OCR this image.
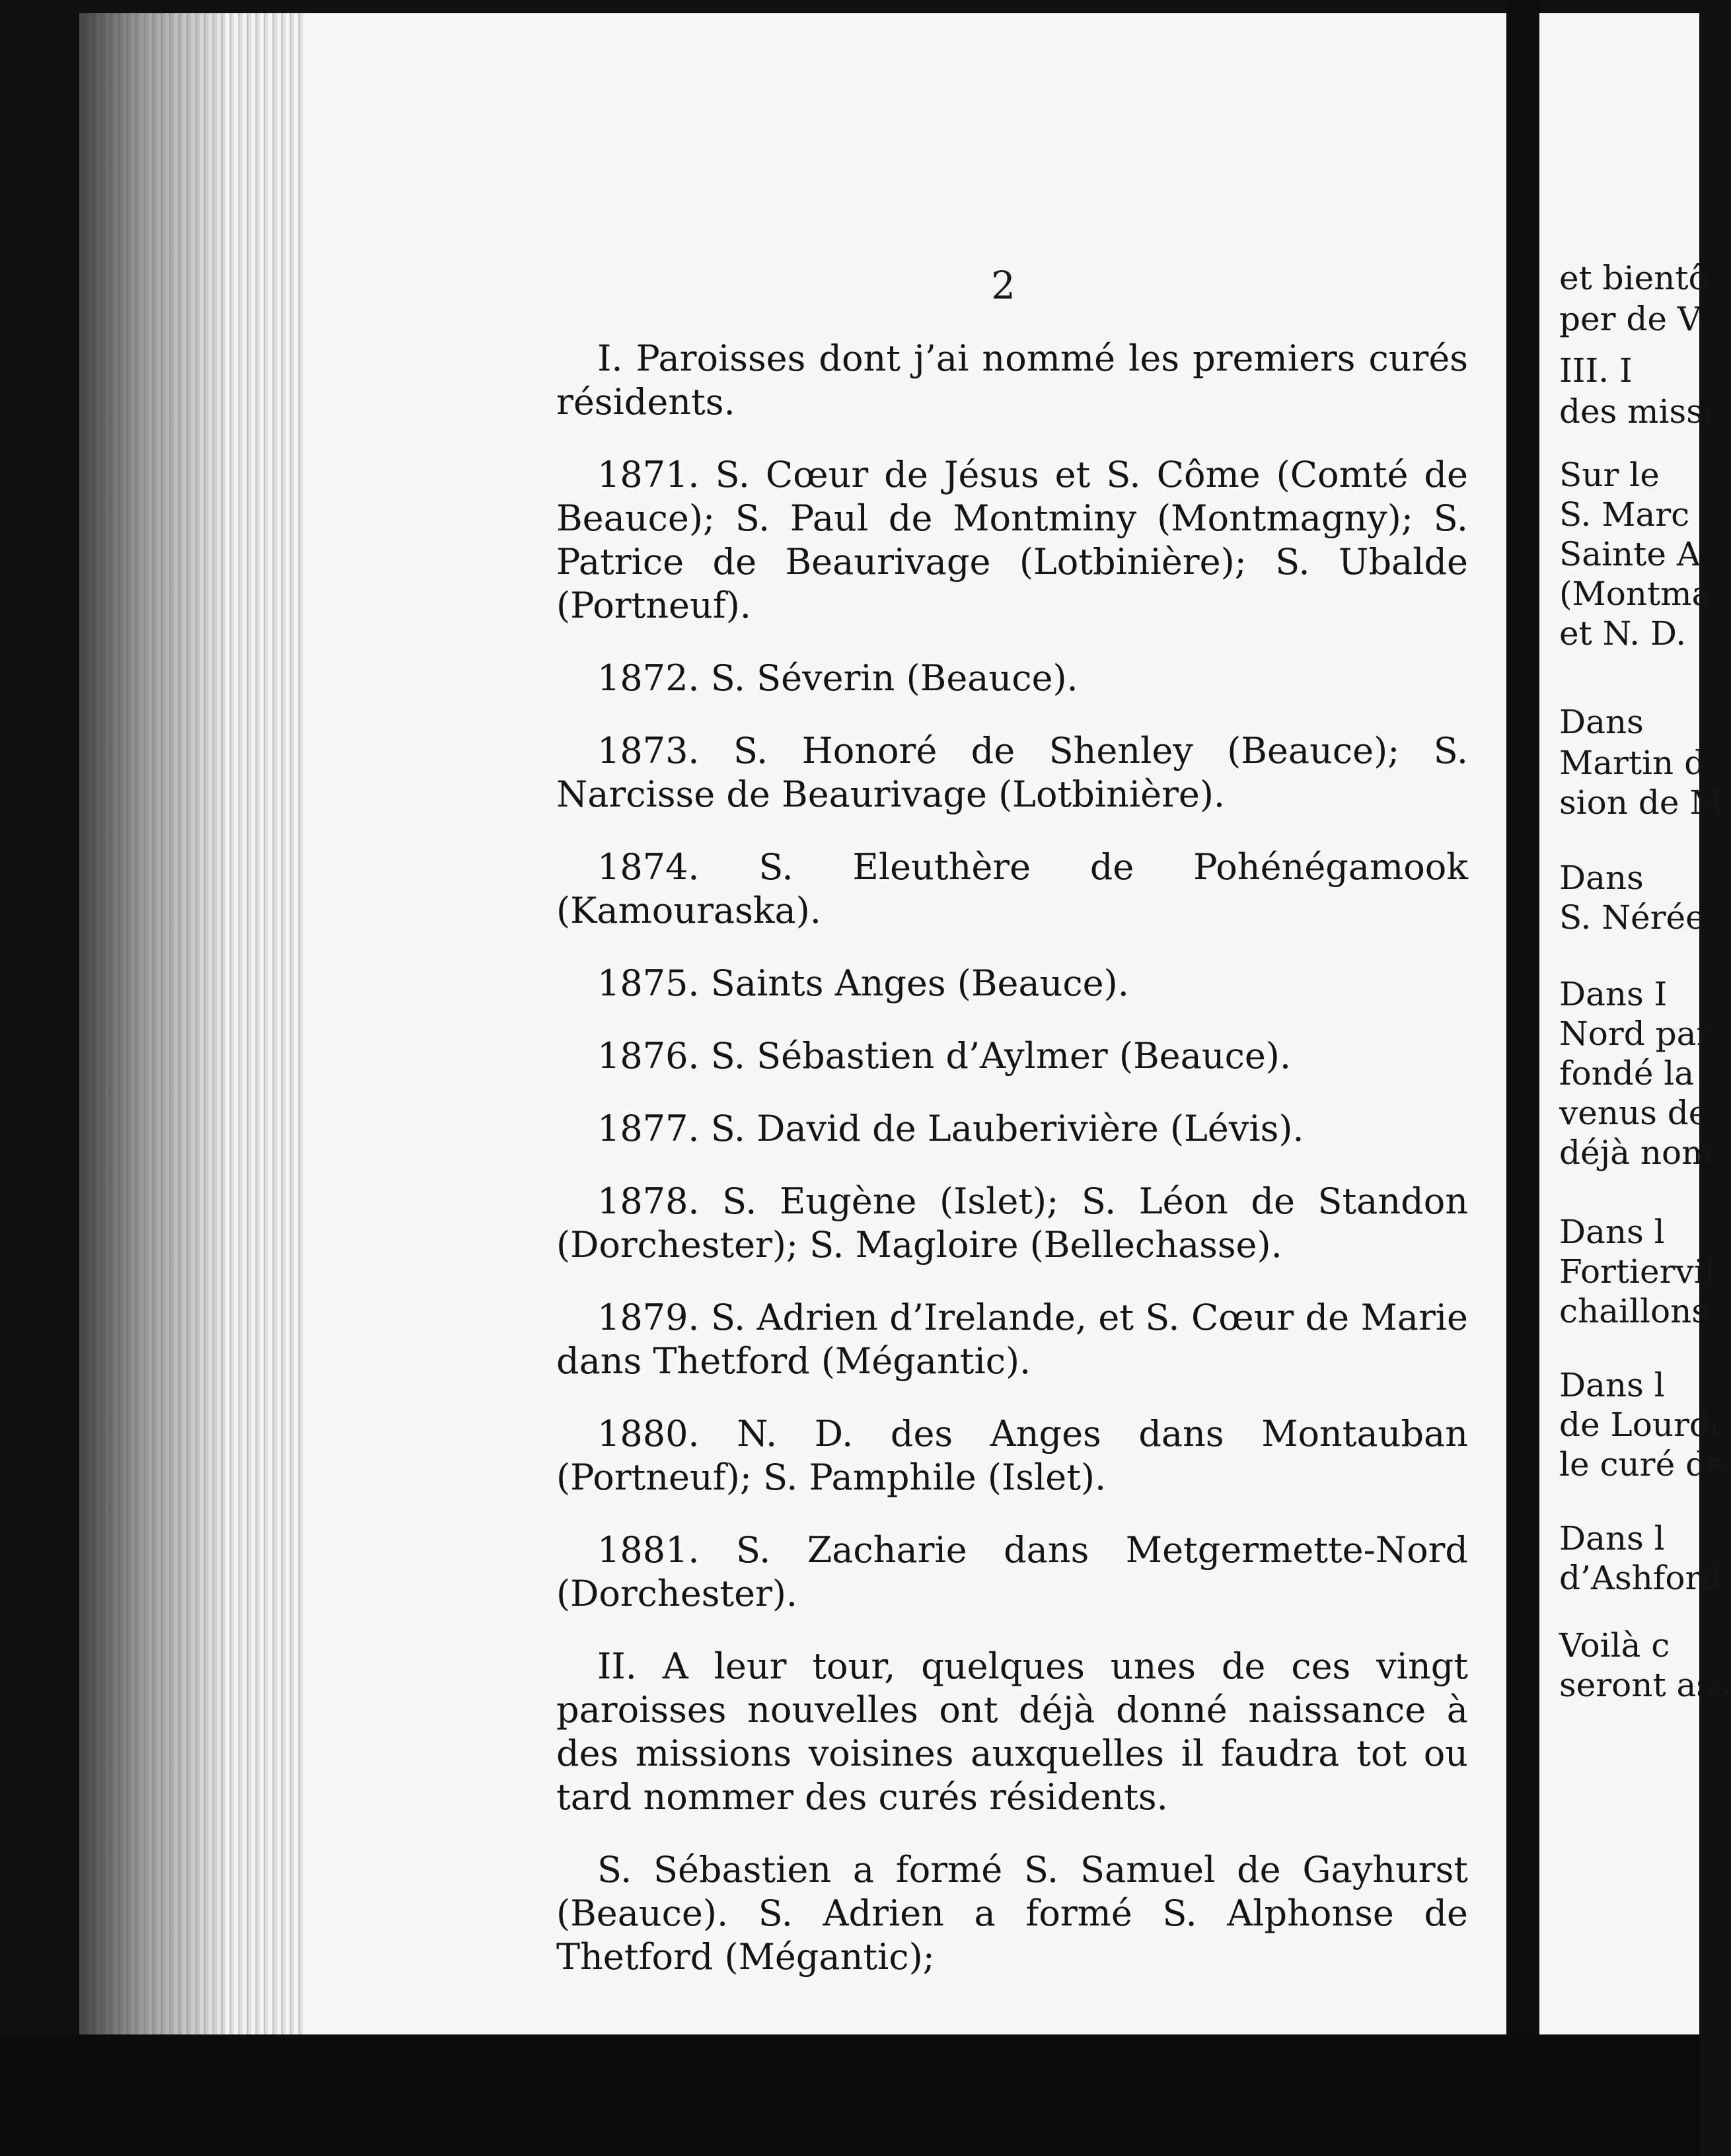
2

I. Paroisses dont j’ai nommé les premiers curés résidents.

1871. S. Cœur de Jésus et S. Côme (Comté de Beauce); S. Paul de Montminy (Montmagny); S. Patrice de Beaurivage (Lotbinière); S. Ubalde (Portneuf).

1872. S. Séverin (Beauce).

1873. S. Honoré de Shenley (Beauce); S. Narcisse de Beaurivage (Lotbinière).

1874. S. Eleuthère de Pohénégamook (Kamouraska).

1875. Saints Anges (Beauce).

1876. S. Sébastien d’Aylmer (Beauce).

1877. S. David de Lauberivière (Lévis).

1878. S. Eugène (Islet); S. Léon de Standon (Dorchester); S. Magloire (Bellechasse).

1879. S. Adrien d’Irelande, et S. Cœur de Marie dans Thetford (Mégantic).

1880. N. D. des Anges dans Montauban (Portneuf); S. Pamphile (Islet).

1881. S. Zacharie dans Metgermette-Nord (Dorchester).

II. A leur tour, quelques unes de ces vingt paroisses nouvelles ont déjà donné naissance à des missions voisines auxquelles il faudra tot ou tard nommer des curés résidents.

S. Sébastien a formé S. Samuel de Gayhurst (Beauce). S. Adrien a formé S. Alphonse de Thetford (Mégantic);

et bientô
per de V
III. I
des missi
Sur le
S. Marc
Sainte A
(Montma
et N. D.
Dans
Martin d
sion de M
Dans
S. Nérée
Dans I
Nord par
fondé la
venus de
déjà nom
Dans l
Fortiervil
chaillons.
Dans l
de Lourde
le curé de
Dans l
d’Ashford
Voilà c
seront ass
